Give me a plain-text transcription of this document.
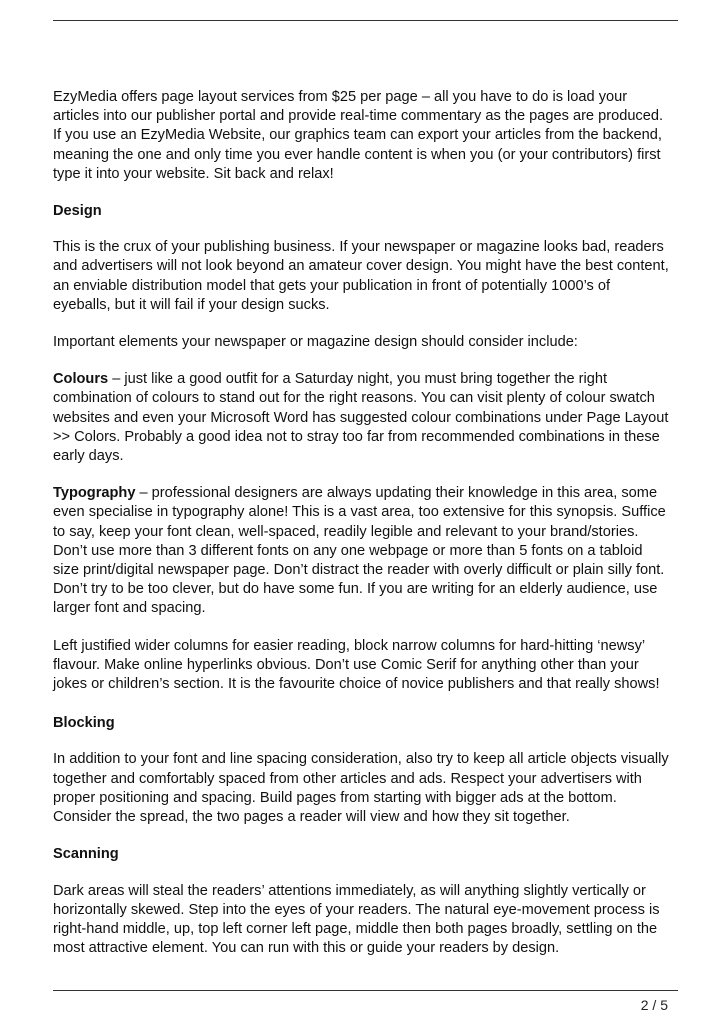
EzyMedia offers page layout services from $25 per page – all you have to do is load your
articles into our publisher portal and provide real-time commentary as the pages are produced.
If you use an EzyMedia Website, our graphics team can export your articles from the backend,
meaning the one and only time you ever handle content is when you (or your contributors) first
type it into your website. Sit back and relax!

Design

This is the crux of your publishing business. If your newspaper or magazine looks bad, readers
and advertisers will not look beyond an amateur cover design. You might have the best content,
an enviable distribution model that gets your publication in front of potentially 1000’s of
eyeballs, but it will fail if your design sucks.

Important elements your newspaper or magazine design should consider include:

Colours – just like a good outfit for a Saturday night, you must bring together the right
combination of colours to stand out for the right reasons. You can visit plenty of colour swatch
websites and even your Microsoft Word has suggested colour combinations under Page Layout
>> Colors. Probably a good idea not to stray too far from recommended combinations in these
early days.

Typography – professional designers are always updating their knowledge in this area, some
even specialise in typography alone! This is a vast area, too extensive for this synopsis. Suffice
to say, keep your font clean, well-spaced, readily legible and relevant to your brand/stories.
Don’t use more than 3 different fonts on any one webpage or more than 5 fonts on a tabloid
size print/digital newspaper page. Don’t distract the reader with overly difficult or plain silly font.
Don’t try to be too clever, but do have some fun. If you are writing for an elderly audience, use
larger font and spacing.

Left justified wider columns for easier reading, block narrow columns for hard-hitting ‘newsy’
flavour. Make online hyperlinks obvious. Don’t use Comic Serif for anything other than your
jokes or children’s section. It is the favourite choice of novice publishers and that really shows!

Blocking

In addition to your font and line spacing consideration, also try to keep all article objects visually
together and comfortably spaced from other articles and ads. Respect your advertisers with
proper positioning and spacing. Build pages from starting with bigger ads at the bottom.
Consider the spread, the two pages a reader will view and how they sit together.

Scanning

Dark areas will steal the readers’ attentions immediately, as will anything slightly vertically or
horizontally skewed. Step into the eyes of your readers. The natural eye-movement process is
right-hand middle, up, top left corner left page, middle then both pages broadly, settling on the
most attractive element. You can run with this or guide your readers by design.

2 / 5
